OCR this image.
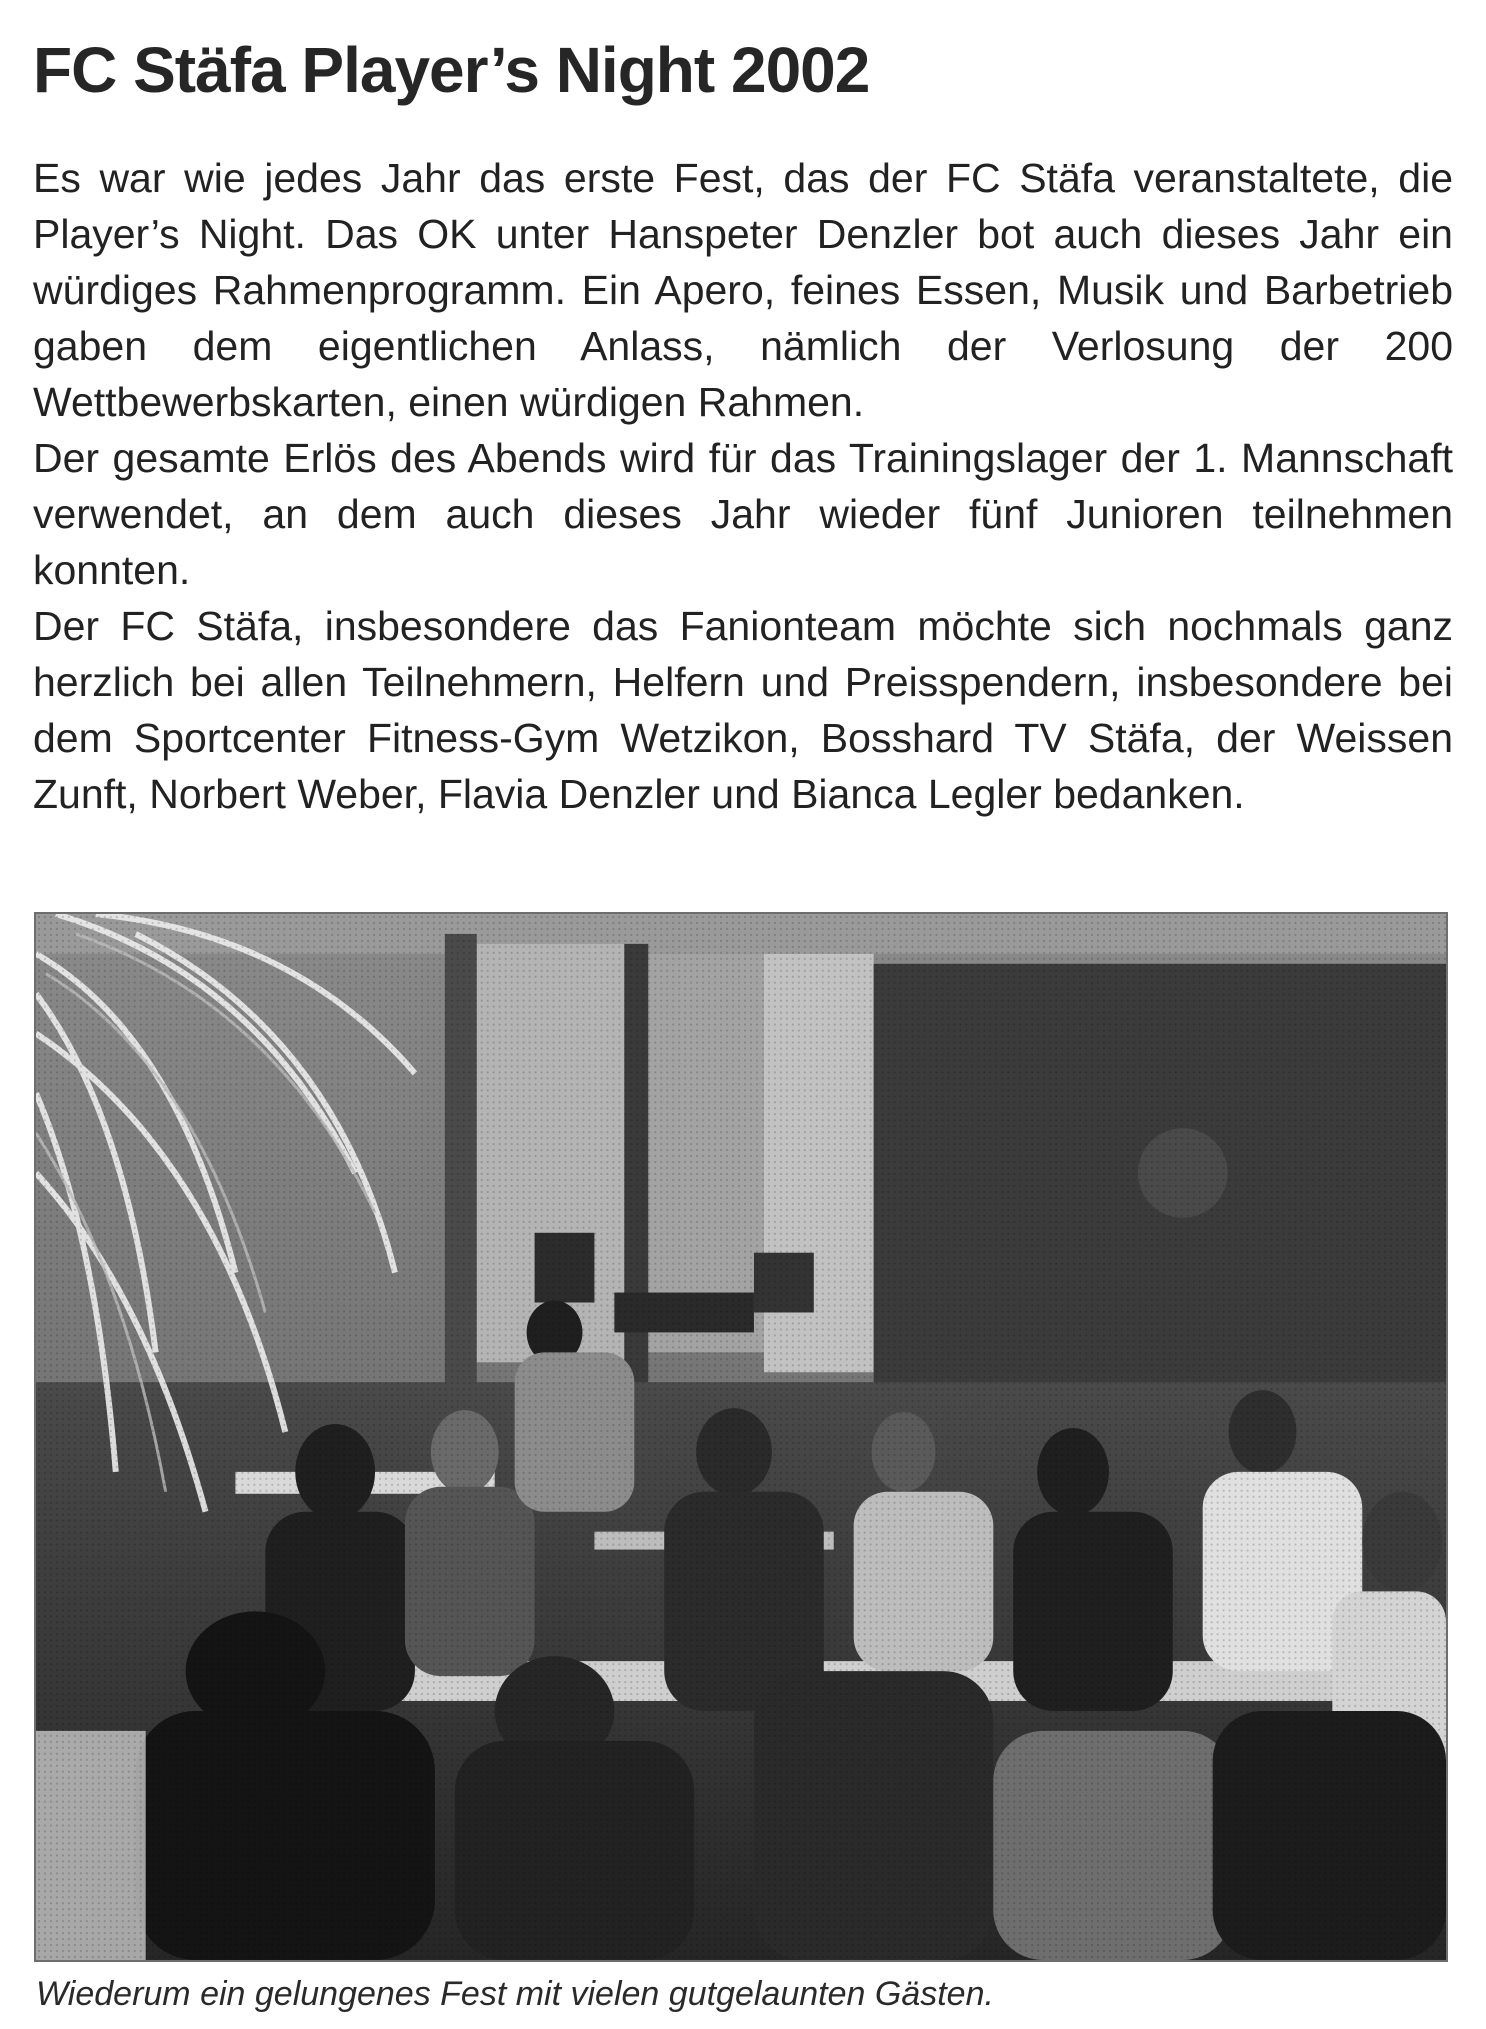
FC Stäfa Player’s Night 2002

Es war wie jedes Jahr das erste Fest, das der FC Stäfa veranstaltete, die Player’s Night. Das OK unter Hanspeter Denzler bot auch dieses Jahr ein würdiges Rahmenprogramm. Ein Apero, feines Essen, Musik und Barbetrieb gaben dem eigentlichen Anlass, nämlich der Verlosung der 200 Wettbewerbskarten, einen würdigen Rahmen.

Der gesamte Erlös des Abends wird für das Trainingslager der 1. Mannschaft verwendet, an dem auch dieses Jahr wieder fünf Junioren teilnehmen konnten.

Der FC Stäfa, insbesondere das Fanionteam möchte sich nochmals ganz herzlich bei allen Teilnehmern, Helfern und Preisspendern, insbesondere bei dem Sportcenter Fitness-Gym Wetzikon, Bosshard TV Stäfa, der Weissen Zunft, Norbert Weber, Flavia Denzler und Bianca Legler bedanken.

Wiederum ein gelungenes Fest mit vielen gutgelaunten Gästen.
